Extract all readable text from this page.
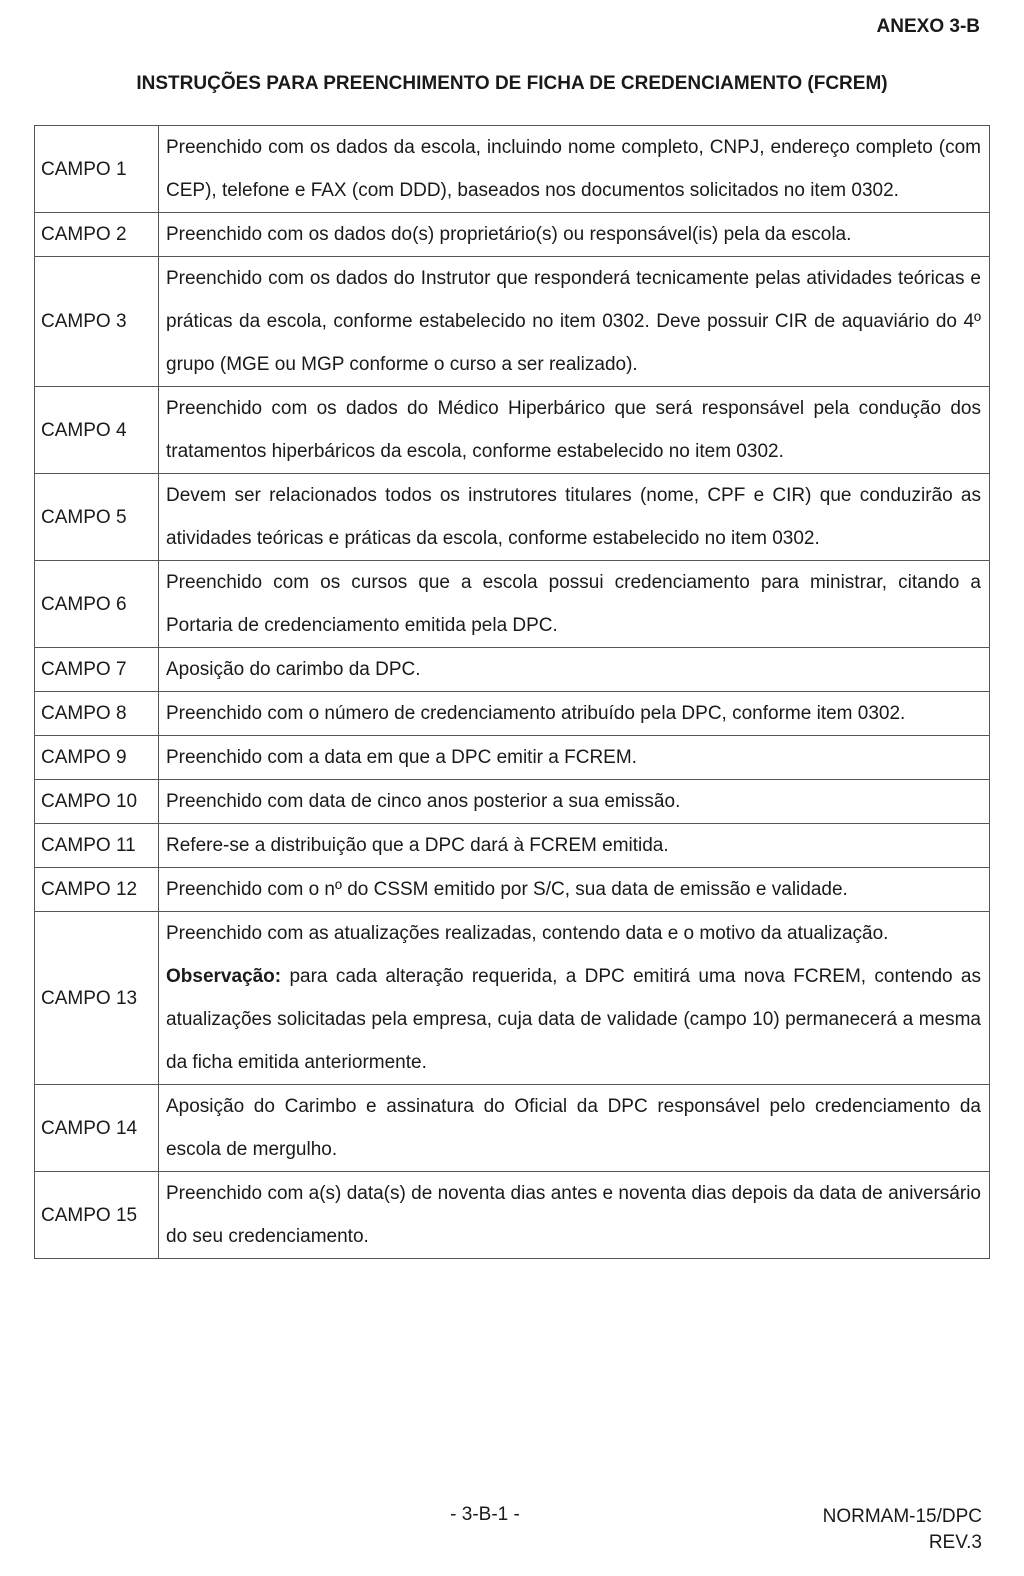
ANEXO 3-B
INSTRUÇÕES PARA PREENCHIMENTO DE FICHA DE CREDENCIAMENTO (FCREM)
CAMPO 1	Preenchido com os dados da escola, incluindo nome completo, CNPJ, endereço completo (com CEP), telefone e FAX (com DDD), baseados nos documentos solicitados no item 0302.
CAMPO 2	Preenchido com os dados do(s) proprietário(s) ou responsável(is) pela da escola.
CAMPO 3	Preenchido com os dados do Instrutor que responderá tecnicamente pelas atividades teóricas e práticas da escola, conforme estabelecido no item 0302. Deve possuir CIR de aquaviário do 4º grupo (MGE ou MGP conforme o curso a ser realizado).
CAMPO 4	Preenchido com os dados do Médico Hiperbárico que será responsável pela condução dos tratamentos hiperbáricos da escola, conforme estabelecido no item 0302.
CAMPO 5	Devem ser relacionados todos os instrutores titulares (nome, CPF e CIR) que conduzirão as atividades teóricas e práticas da escola, conforme estabelecido no item 0302.
CAMPO 6	Preenchido com os cursos que a escola possui credenciamento para ministrar, citando a Portaria de credenciamento emitida pela DPC.
CAMPO 7	Aposição do carimbo da DPC.
CAMPO 8	Preenchido com o número de credenciamento atribuído pela DPC, conforme item 0302.
CAMPO 9	Preenchido com a data em que a DPC emitir a FCREM.
CAMPO 10	Preenchido com data de cinco anos posterior a sua emissão.
CAMPO 11	Refere-se a distribuição que a DPC dará à FCREM emitida.
CAMPO 12	Preenchido com o nº do CSSM emitido por S/C, sua data de emissão e validade.
CAMPO 13	Preenchido com as atualizações realizadas, contendo data e o motivo da atualização.
Observação: para cada alteração requerida, a DPC emitirá uma nova FCREM, contendo as atualizações solicitadas pela empresa, cuja data de validade (campo 10) permanecerá a mesma da ficha emitida anteriormente.

CAMPO 14	Aposição do Carimbo e assinatura do Oficial da DPC responsável pelo credenciamento da escola de mergulho.
CAMPO 15	Preenchido com a(s) data(s) de noventa dias antes e noventa dias depois da data de aniversário do seu credenciamento.
- 3-B-1 -	NORMAM-15/DPC
REV.3
